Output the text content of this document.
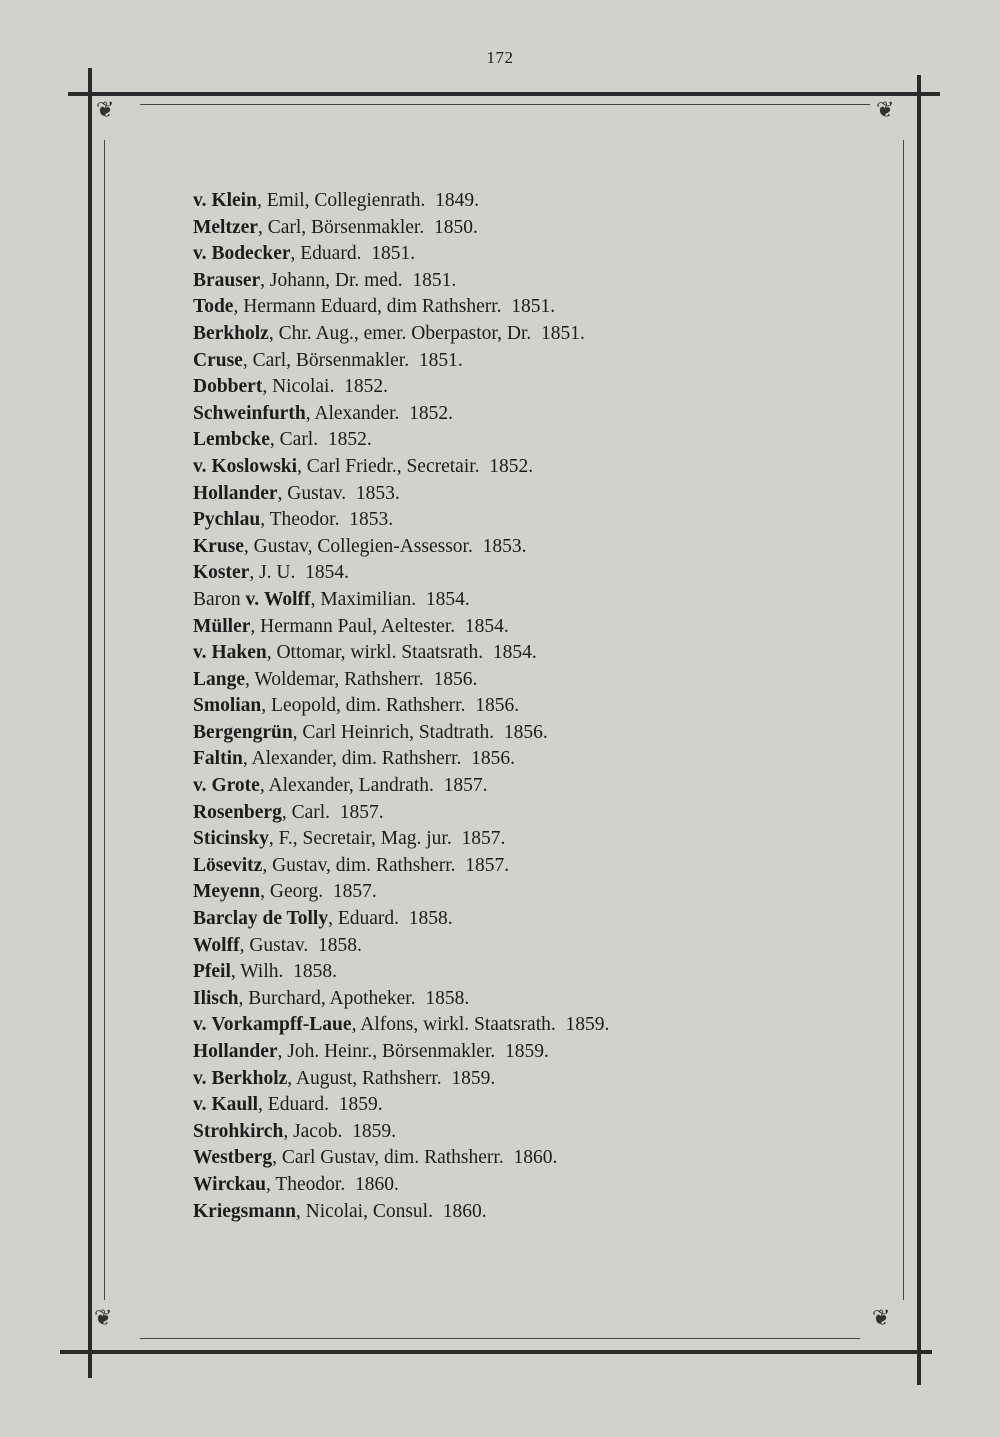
172
❦	❦
❦	❦
v. Klein, Emil, Collegienrath.  1849.
Meltzer, Carl, Börsenmakler.  1850.
v. Bodecker, Eduard.  1851.
Brauser, Johann, Dr. med.  1851.
Tode, Hermann Eduard, dim Rathsherr.  1851.
Berkholz, Chr. Aug., emer. Oberpastor, Dr.  1851.
Cruse, Carl, Börsenmakler.  1851.
Dobbert, Nicolai.  1852.
Schweinfurth, Alexander.  1852.
Lembcke, Carl.  1852.
v. Koslowski, Carl Friedr., Secretair.  1852.
Hollander, Gustav.  1853.
Pychlau, Theodor.  1853.
Kruse, Gustav, Collegien-Assessor.  1853.
Koster, J. U.  1854.
Baron v. Wolff, Maximilian.  1854.
Müller, Hermann Paul, Aeltester.  1854.
v. Haken, Ottomar, wirkl. Staatsrath.  1854.
Lange, Woldemar, Rathsherr.  1856.
Smolian, Leopold, dim. Rathsherr.  1856.
Bergengrün, Carl Heinrich, Stadtrath.  1856.
Faltin, Alexander, dim. Rathsherr.  1856.
v. Grote, Alexander, Landrath.  1857.
Rosenberg, Carl.  1857.
Sticinsky, F., Secretair, Mag. jur.  1857.
Lösevitz, Gustav, dim. Rathsherr.  1857.
Meyenn, Georg.  1857.
Barclay de Tolly, Eduard.  1858.
Wolff, Gustav.  1858.
Pfeil, Wilh.  1858.
Ilisch, Burchard, Apotheker.  1858.
v. Vorkampff-Laue, Alfons, wirkl. Staatsrath.  1859.
Hollander, Joh. Heinr., Börsenmakler.  1859.
v. Berkholz, August, Rathsherr.  1859.
v. Kaull, Eduard.  1859.
Strohkirch, Jacob.  1859.
Westberg, Carl Gustav, dim. Rathsherr.  1860.
Wirckau, Theodor.  1860.
Kriegsmann, Nicolai, Consul.  1860.
